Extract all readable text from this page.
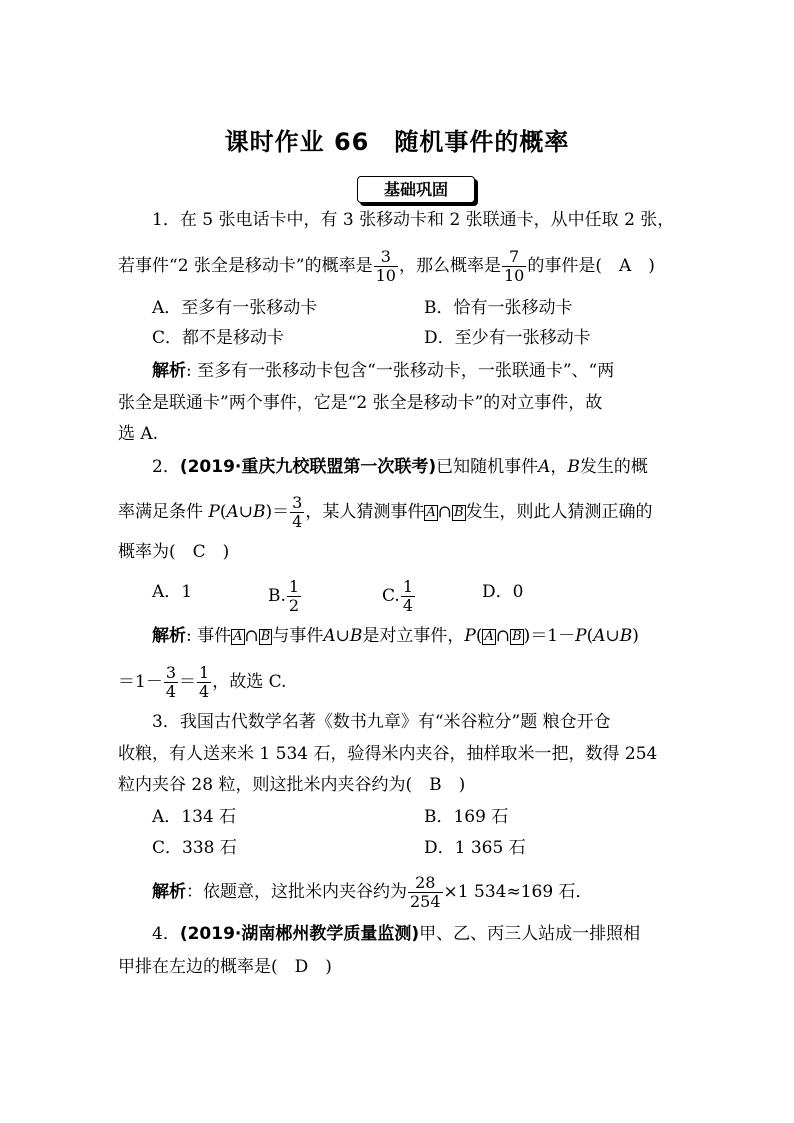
课时作业 66　随机事件的概率
基础巩固
1．在 5 张电话卡中，有 3 张移动卡和 2 张联通卡，从中任取 2 张，
若事件“2 张全是移动卡”的概率是 $\frac{3}{10}$ ，那么概率是 $\frac{7}{10}$ 的事件是(　A　)
A．至多有一张移动卡	B．恰有一张移动卡
C．都不是移动卡	D．至少有一张移动卡
解析: 至多有一张移动卡包含“一张移动卡，一张联通卡”、“两
张全是联通卡”两个事件，它是“2 张全是移动卡”的对立事件，故
选 A.
2．(2019·重庆九校联盟第一次联考)已知随机事件A，B发生的概
率满足条件 P(A∪B)＝ $\frac{3}{4}$ ，某人猜测事件 A ∩ B 发生，则此人猜测正确的
概率为(　C　)
A．1	B. $\frac{1}{2}$	C. $\frac{1}{4}$	D．0
解析: 事件 A ∩ B 与事件A∪B是对立事件，P( A ∩ B )＝1－P(A∪B)
$=1- \frac{3}{4} = \frac{1}{4}$ ，故选 C.
3．我国古代数学名著《数书九章》有“米谷粒分”题 粮仓开仓
收粮，有人送来米 1 534 石，验得米内夹谷，抽样取米一把，数得 254
粒内夹谷 28 粒，则这批米内夹谷约为(　B　)
A．134 石	B．169 石
C．338 石	D．1 365 石
解析：依题意，这批米内夹谷约为 $\frac{28}{254} \times 1$ 534≈169 石．
4．(2019·湖南郴州教学质量监测)甲、乙、丙三人站成一排照相
甲排在左边的概率是(　D　)
